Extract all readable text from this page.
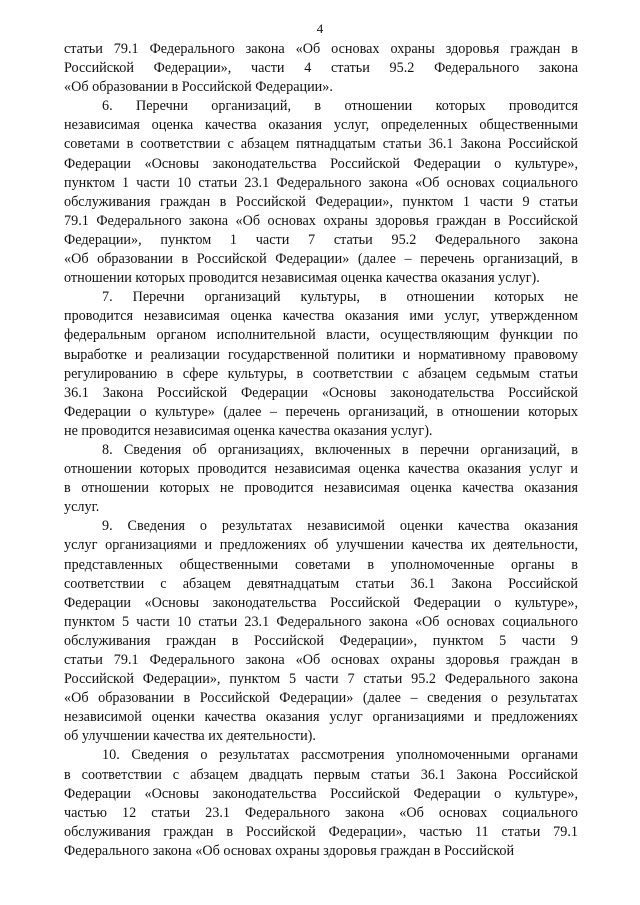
4
статьи 79.1 Федерального закона «Об основах охраны здоровья граждан в
Российской Федерации», части 4 статьи 95.2 Федерального закона
«Об образовании в Российской Федерации».
6. Перечни организаций, в отношении которых проводится
независимая оценка качества оказания услуг, определенных общественными
советами в соответствии с абзацем пятнадцатым статьи 36.1 Закона Российской
Федерации «Основы законодательства Российской Федерации о культуре»,
пунктом 1 части 10 статьи 23.1 Федерального закона «Об основах социального
обслуживания граждан в Российской Федерации», пунктом 1 части 9 статьи
79.1 Федерального закона «Об основах охраны здоровья граждан в Российской
Федерации», пунктом 1 части 7 статьи 95.2 Федерального закона
«Об образовании в Российской Федерации» (далее – перечень организаций, в
отношении которых проводится независимая оценка качества оказания услуг).
7. Перечни организаций культуры, в отношении которых не
проводится независимая оценка качества оказания ими услуг, утвержденном
федеральным органом исполнительной власти, осуществляющим функции по
выработке и реализации государственной политики и нормативному правовому
регулированию в сфере культуры, в соответствии с абзацем седьмым статьи
36.1 Закона Российской Федерации «Основы законодательства Российской
Федерации о культуре» (далее – перечень организаций, в отношении которых
не проводится независимая оценка качества оказания услуг).
8. Сведения об организациях, включенных в перечни организаций, в
отношении которых проводится независимая оценка качества оказания услуг и
в отношении которых не проводится независимая оценка качества оказания
услуг.
9. Сведения о результатах независимой оценки качества оказания
услуг организациями и предложениях об улучшении качества их деятельности,
представленных общественными советами в уполномоченные органы в
соответствии с абзацем девятнадцатым статьи 36.1 Закона Российской
Федерации «Основы законодательства Российской Федерации о культуре»,
пунктом 5 части 10 статьи 23.1 Федерального закона «Об основах социального
обслуживания граждан в Российской Федерации», пунктом 5 части 9
статьи 79.1 Федерального закона «Об основах охраны здоровья граждан в
Российской Федерации», пунктом 5 части 7 статьи 95.2 Федерального закона
«Об образовании в Российской Федерации» (далее – сведения о результатах
независимой оценки качества оказания услуг организациями и предложениях
об улучшении качества их деятельности).
10. Сведения о результатах рассмотрения уполномоченными органами
в соответствии с абзацем двадцать первым статьи 36.1 Закона Российской
Федерации «Основы законодательства Российской Федерации о культуре»,
частью 12 статьи 23.1 Федерального закона «Об основах социального
обслуживания граждан в Российской Федерации», частью 11 статьи 79.1
Федерального закона «Об основах охраны здоровья граждан в Российской
